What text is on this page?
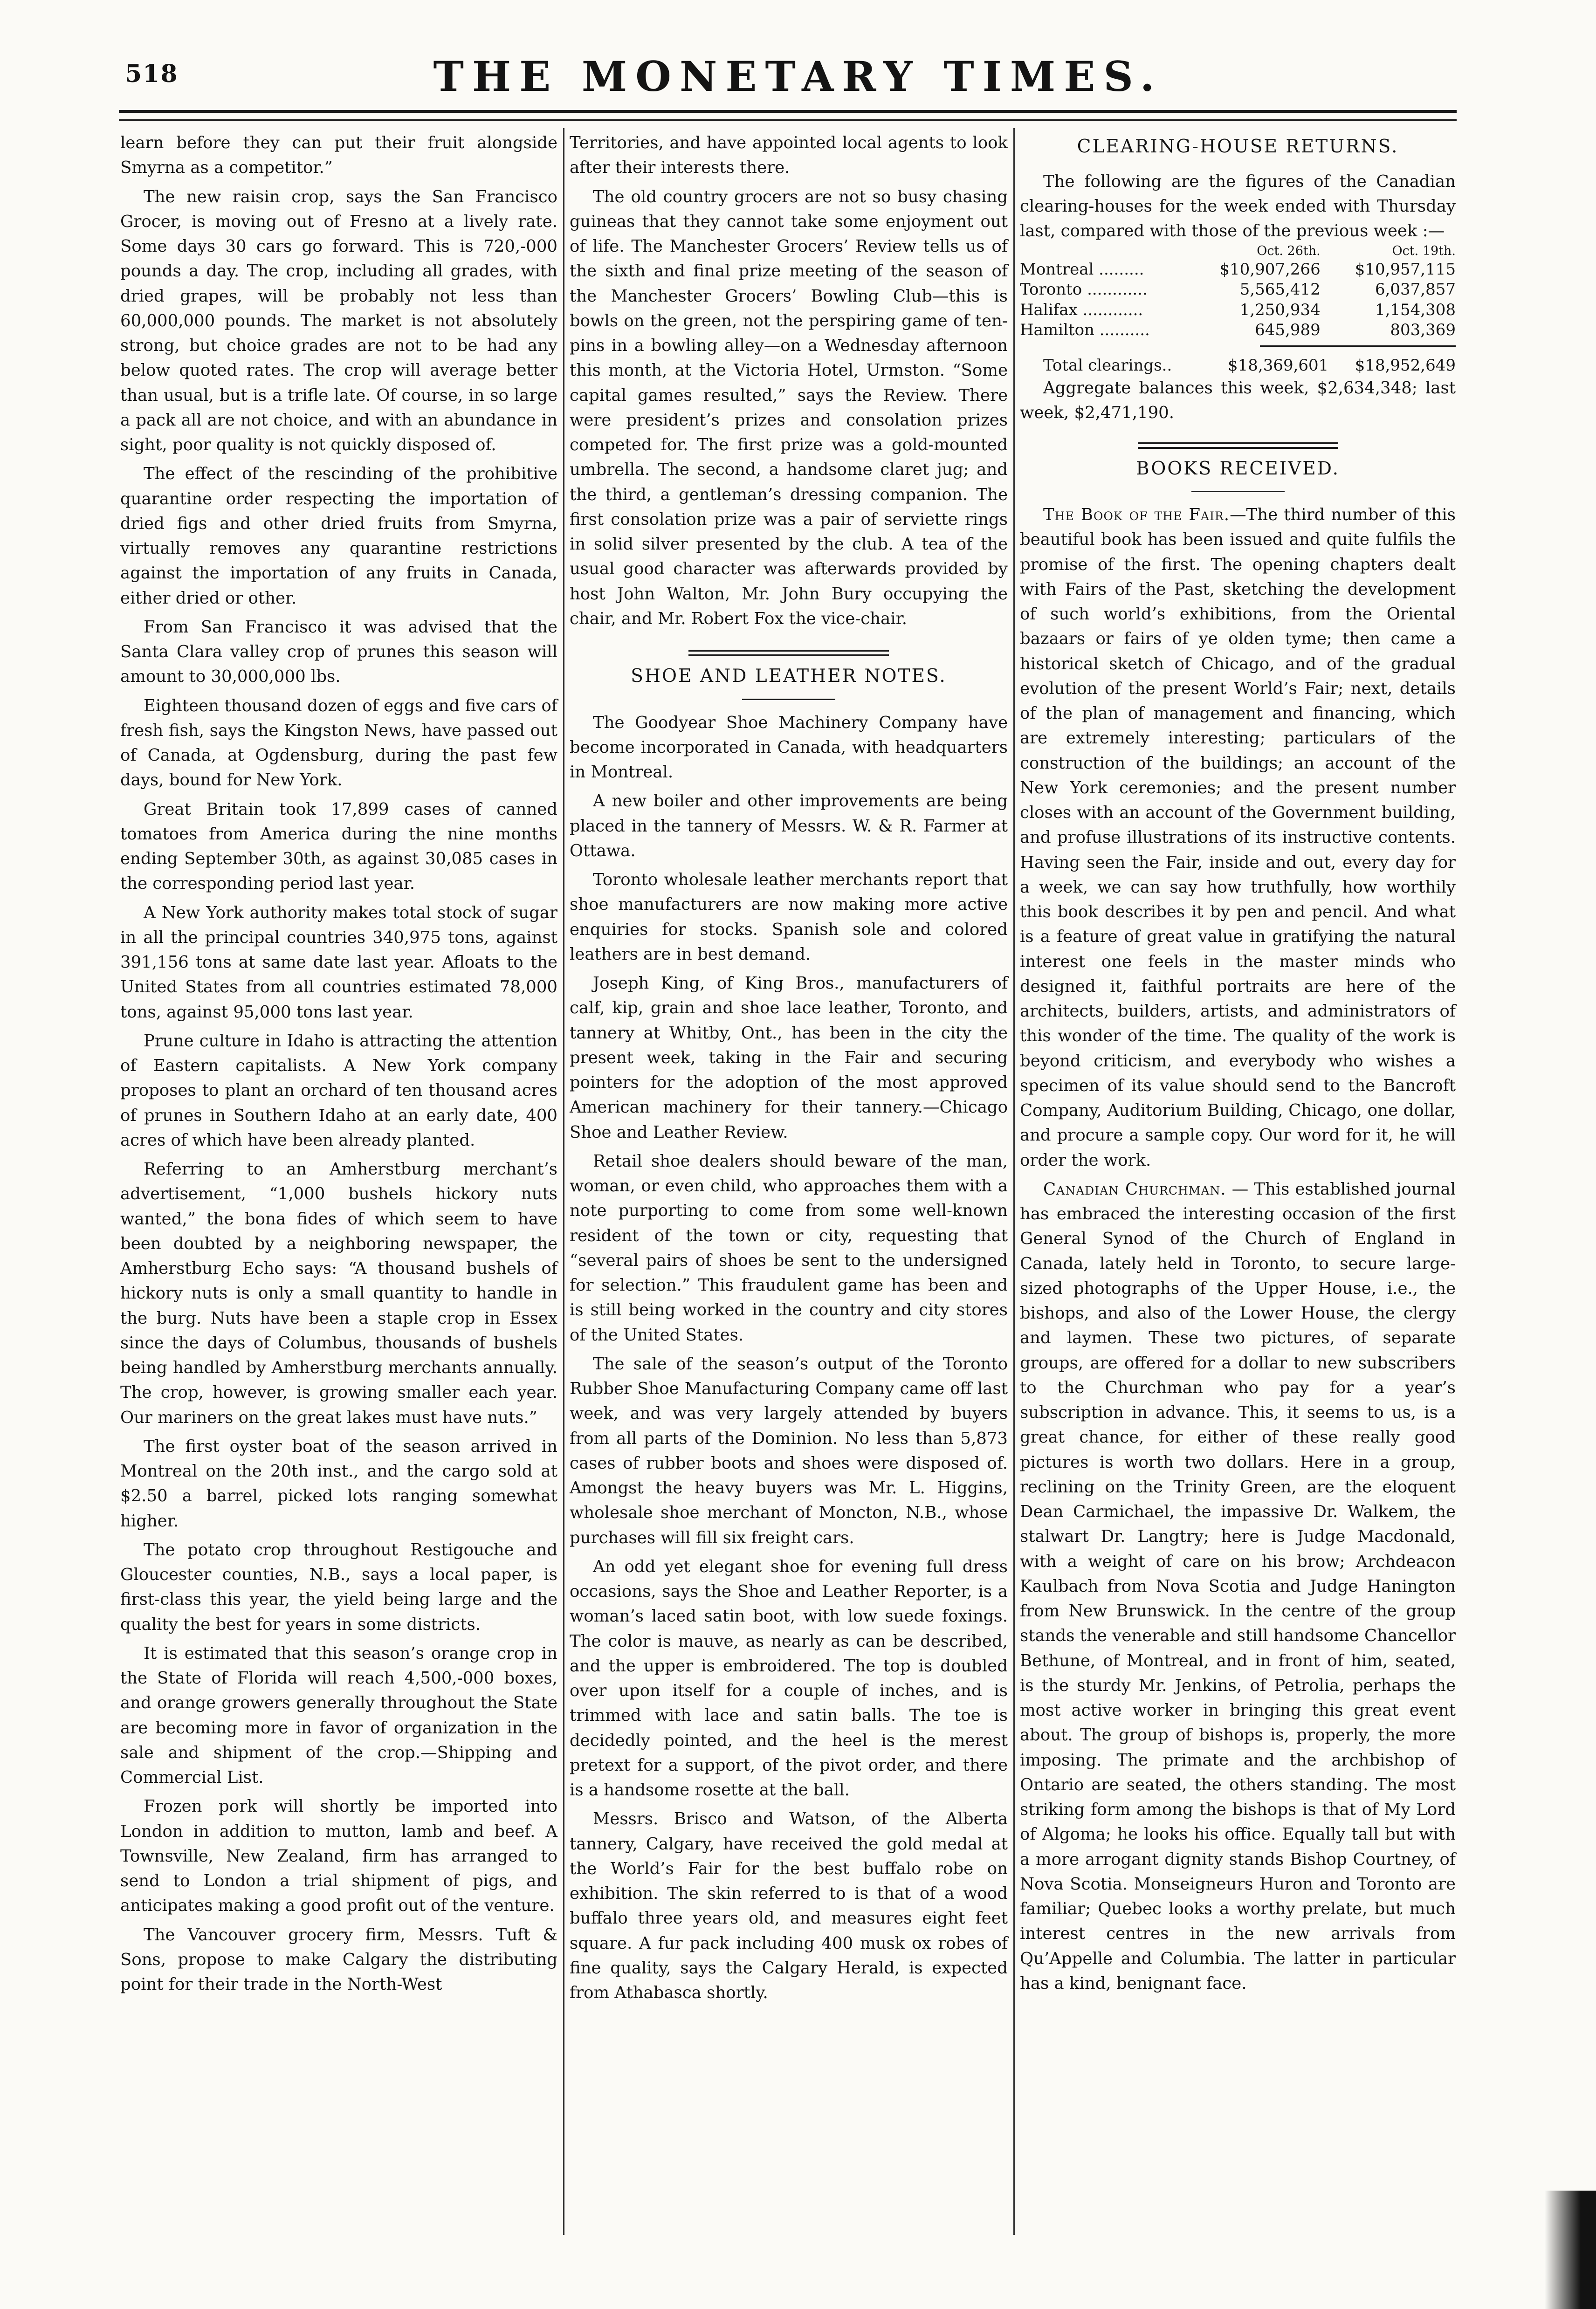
518	THE MONETARY TIMES.

learn before they can put their fruit alongside Smyrna as a competitor.”

The new raisin crop, says the San Francisco Grocer, is moving out of Fresno at a lively rate. Some days 30 cars go forward. This is 720,-000 pounds a day. The crop, including all grades, with dried grapes, will be probably not less than 60,000,000 pounds. The market is not absolutely strong, but choice grades are not to be had any below quoted rates. The crop will average better than usual, but is a trifle late. Of course, in so large a pack all are not choice, and with an abundance in sight, poor quality is not quickly disposed of.

The effect of the rescinding of the prohibitive quarantine order respecting the importation of dried figs and other dried fruits from Smyrna, virtually removes any quarantine restrictions against the importation of any fruits in Canada, either dried or other.

From San Francisco it was advised that the Santa Clara valley crop of prunes this season will amount to 30,000,000 lbs.

Eighteen thousand dozen of eggs and five cars of fresh fish, says the Kingston News, have passed out of Canada, at Ogdensburg, during the past few days, bound for New York.

Great Britain took 17,899 cases of canned tomatoes from America during the nine months ending September 30th, as against 30,085 cases in the corresponding period last year.

A New York authority makes total stock of sugar in all the principal countries 340,975 tons, against 391,156 tons at same date last year. Afloats to the United States from all countries estimated 78,000 tons, against 95,000 tons last year.

Prune culture in Idaho is attracting the attention of Eastern capitalists. A New York company proposes to plant an orchard of ten thousand acres of prunes in Southern Idaho at an early date, 400 acres of which have been already planted.

Referring to an Amherstburg merchant’s advertisement, “1,000 bushels hickory nuts wanted,” the bona fides of which seem to have been doubted by a neighboring newspaper, the Amherstburg Echo says: “A thousand bushels of hickory nuts is only a small quantity to handle in the burg. Nuts have been a staple crop in Essex since the days of Columbus, thousands of bushels being handled by Amherstburg merchants annually. The crop, however, is growing smaller each year. Our mariners on the great lakes must have nuts.”

The first oyster boat of the season arrived in Montreal on the 20th inst., and the cargo sold at $2.50 a barrel, picked lots ranging somewhat higher.

The potato crop throughout Restigouche and Gloucester counties, N.B., says a local paper, is first-class this year, the yield being large and the quality the best for years in some districts.

It is estimated that this season’s orange crop in the State of Florida will reach 4,500,-000 boxes, and orange growers generally throughout the State are becoming more in favor of organization in the sale and shipment of the crop.—Shipping and Commercial List.

Frozen pork will shortly be imported into London in addition to mutton, lamb and beef. A Townsville, New Zealand, firm has arranged to send to London a trial shipment of pigs, and anticipates making a good profit out of the venture.

The Vancouver grocery firm, Messrs. Tuft & Sons, propose to make Calgary the distributing point for their trade in the North-West

Territories, and have appointed local agents to look after their interests there.

The old country grocers are not so busy chasing guineas that they cannot take some enjoyment out of life. The Manchester Grocers’ Review tells us of the sixth and final prize meeting of the season of the Manchester Grocers’ Bowling Club—this is bowls on the green, not the perspiring game of ten-pins in a bowling alley—on a Wednesday afternoon this month, at the Victoria Hotel, Urmston. “Some capital games resulted,” says the Review. There were president’s prizes and consolation prizes competed for. The first prize was a gold-mounted umbrella. The second, a handsome claret jug; and the third, a gentleman’s dressing companion. The first consolation prize was a pair of serviette rings in solid silver presented by the club. A tea of the usual good character was afterwards provided by host John Walton, Mr. John Bury occupying the chair, and Mr. Robert Fox the vice-chair.

SHOE AND LEATHER NOTES.

The Goodyear Shoe Machinery Company have become incorporated in Canada, with headquarters in Montreal.

A new boiler and other improvements are being placed in the tannery of Messrs. W. & R. Farmer at Ottawa.

Toronto wholesale leather merchants report that shoe manufacturers are now making more active enquiries for stocks. Spanish sole and colored leathers are in best demand.

Joseph King, of King Bros., manufacturers of calf, kip, grain and shoe lace leather, Toronto, and tannery at Whitby, Ont., has been in the city the present week, taking in the Fair and securing pointers for the adoption of the most approved American machinery for their tannery.—Chicago Shoe and Leather Review.

Retail shoe dealers should beware of the man, woman, or even child, who approaches them with a note purporting to come from some well-known resident of the town or city, requesting that “several pairs of shoes be sent to the undersigned for selection.” This fraudulent game has been and is still being worked in the country and city stores of the United States.

The sale of the season’s output of the Toronto Rubber Shoe Manufacturing Company came off last week, and was very largely attended by buyers from all parts of the Dominion. No less than 5,873 cases of rubber boots and shoes were disposed of. Amongst the heavy buyers was Mr. L. Higgins, wholesale shoe merchant of Moncton, N.B., whose purchases will fill six freight cars.

An odd yet elegant shoe for evening full dress occasions, says the Shoe and Leather Reporter, is a woman’s laced satin boot, with low suede foxings. The color is mauve, as nearly as can be described, and the upper is embroidered. The top is doubled over upon itself for a couple of inches, and is trimmed with lace and satin balls. The toe is decidedly pointed, and the heel is the merest pretext for a support, of the pivot order, and there is a handsome rosette at the ball.

Messrs. Brisco and Watson, of the Alberta tannery, Calgary, have received the gold medal at the World’s Fair for the best buffalo robe on exhibition. The skin referred to is that of a wood buffalo three years old, and measures eight feet square. A fur pack including 400 musk ox robes of fine quality, says the Calgary Herald, is expected from Athabasca shortly.

CLEARING-HOUSE RETURNS.

The following are the figures of the Canadian clearing-houses for the week ended with Thursday last, compared with those of the previous week :—

	Oct. 26th.	Oct. 19th.
Montreal .........	$10,907,266	$10,957,115
Toronto ............	5,565,412	6,037,857
Halifax ............	1,250,934	1,154,308
Hamilton ..........	645,989	803,369
Total clearings..	$18,369,601	$18,952,649

Aggregate balances this week, $2,634,348; last week, $2,471,190.

BOOKS RECEIVED.

The Book of the Fair.—The third number of this beautiful book has been issued and quite fulfils the promise of the first. The opening chapters dealt with Fairs of the Past, sketching the development of such world’s exhibitions, from the Oriental bazaars or fairs of ye olden tyme; then came a historical sketch of Chicago, and of the gradual evolution of the present World’s Fair; next, details of the plan of management and financing, which are extremely interesting; particulars of the construction of the buildings; an account of the New York ceremonies; and the present number closes with an account of the Government building, and profuse illustrations of its instructive contents. Having seen the Fair, inside and out, every day for a week, we can say how truthfully, how worthily this book describes it by pen and pencil. And what is a feature of great value in gratifying the natural interest one feels in the master minds who designed it, faithful portraits are here of the architects, builders, artists, and administrators of this wonder of the time. The quality of the work is beyond criticism, and everybody who wishes a specimen of its value should send to the Bancroft Company, Auditorium Building, Chicago, one dollar, and procure a sample copy. Our word for it, he will order the work.

Canadian Churchman. — This established journal has embraced the interesting occasion of the first General Synod of the Church of England in Canada, lately held in Toronto, to secure large-sized photographs of the Upper House, i.e., the bishops, and also of the Lower House, the clergy and laymen. These two pictures, of separate groups, are offered for a dollar to new subscribers to the Churchman who pay for a year’s subscription in advance. This, it seems to us, is a great chance, for either of these really good pictures is worth two dollars. Here in a group, reclining on the Trinity Green, are the eloquent Dean Carmichael, the impassive Dr. Walkem, the stalwart Dr. Langtry; here is Judge Macdonald, with a weight of care on his brow; Archdeacon Kaulbach from Nova Scotia and Judge Hanington from New Brunswick. In the centre of the group stands the venerable and still handsome Chancellor Bethune, of Montreal, and in front of him, seated, is the sturdy Mr. Jenkins, of Petrolia, perhaps the most active worker in bringing this great event about. The group of bishops is, properly, the more imposing. The primate and the archbishop of Ontario are seated, the others standing. The most striking form among the bishops is that of My Lord of Algoma; he looks his office. Equally tall but with a more arrogant dignity stands Bishop Courtney, of Nova Scotia. Monseigneurs Huron and Toronto are familiar; Quebec looks a worthy prelate, but much interest centres in the new arrivals from Qu’Appelle and Columbia. The latter in particular has a kind, benignant face.
